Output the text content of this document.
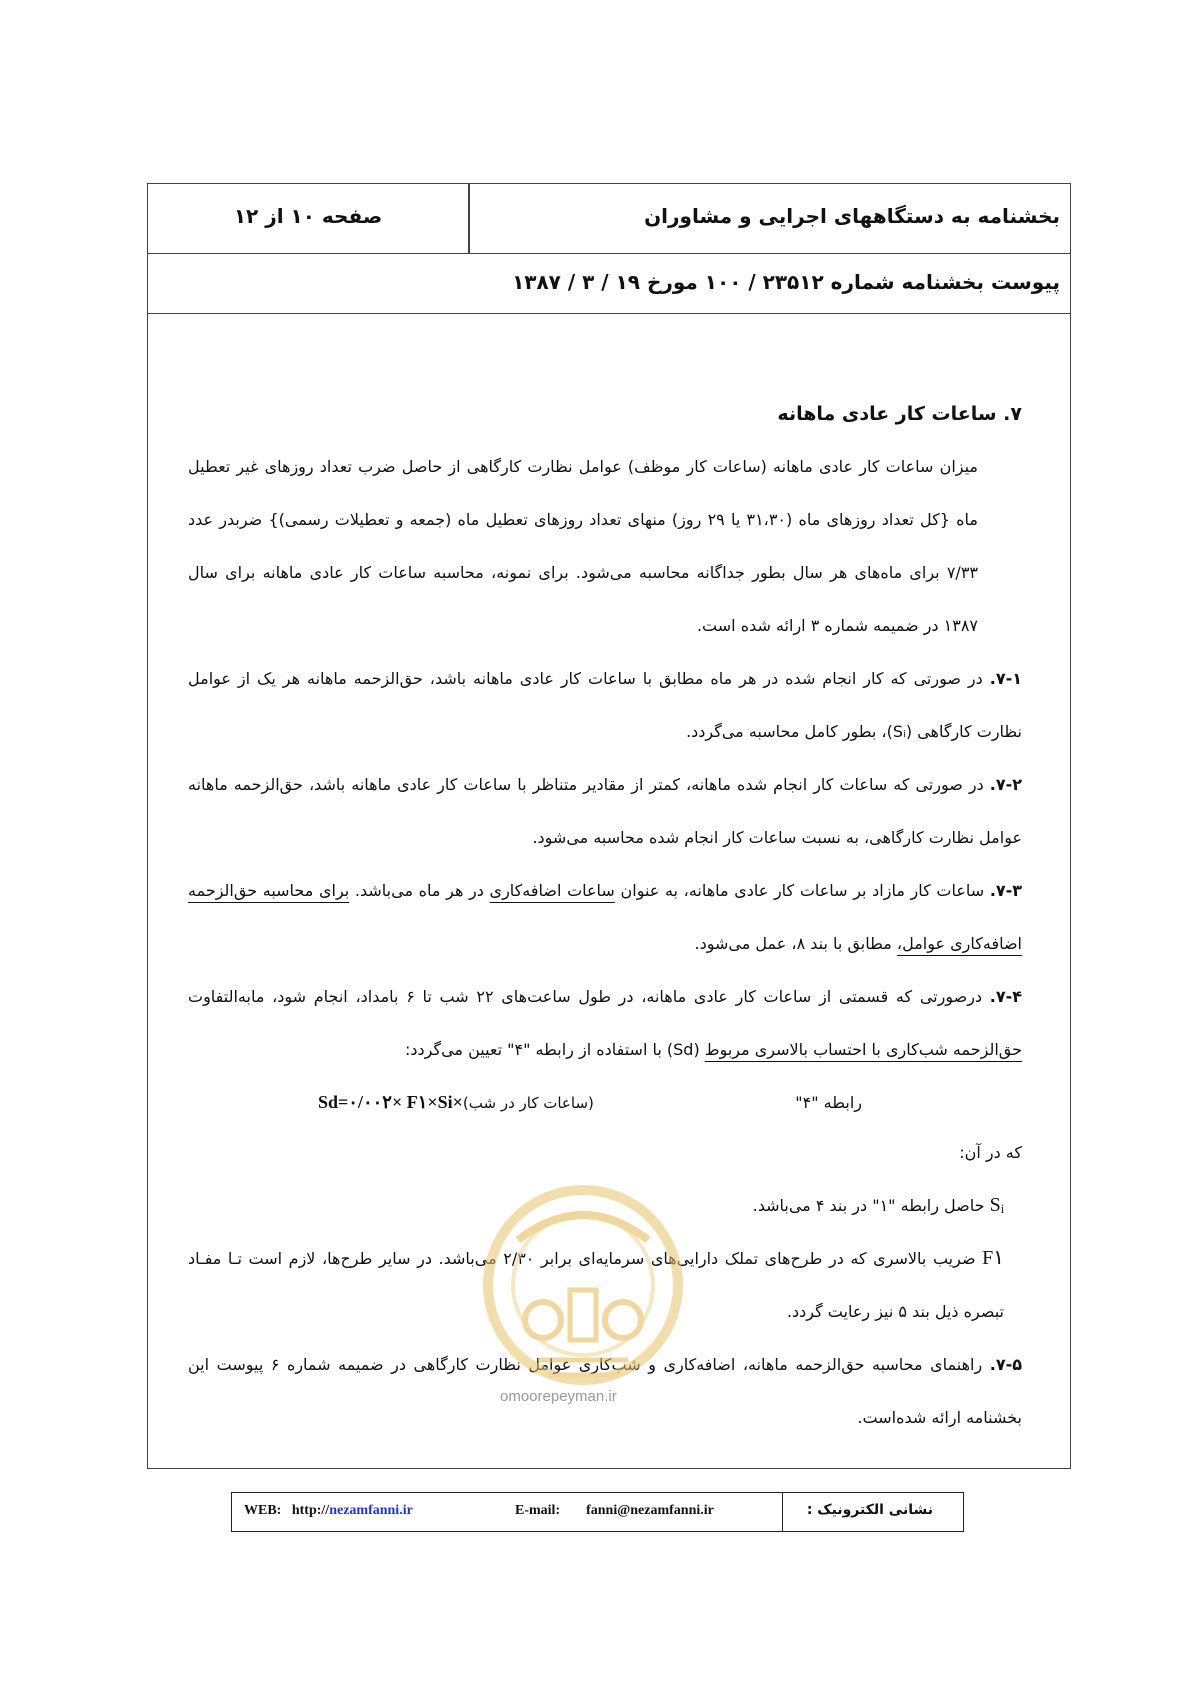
بخشنامه به دستگاههای اجرایی و مشاوران
صفحه ۱۰ از ۱۲
پیوست بخشنامه شماره ۲۳۵۱۲ / ۱۰۰ مورخ ۱۹ / ۳ / ۱۳۸۷
۷. ساعات کار عادی ماهانه

میزان ساعات کار عادی ماهانه (ساعات کار موظف) عوامل نظارت کارگاهی از حاصل ضرب تعداد روزهای غیر تعطیل ماه {کل تعداد روزهای ماه (۳۱،۳۰ یا ۲۹ روز) منهای تعداد روزهای تعطیل ماه (جمعه و تعطیلات رسمی)} ضربدر عدد ۷/۳۳ برای ماه‌های هر سال بطور جداگانه محاسبه می‌شود. برای نمونه، محاسبه ساعات کار عادی ماهانه برای سال ۱۳۸۷ در ضمیمه شماره ۳ ارائه شده است.

۷-۱. در صورتی که کار انجام شده در هر ماه مطابق با ساعات کار عادی ماهانه باشد، حق‌الزحمه ماهانه هر یک از عوامل نظارت کارگاهی (Sᵢ)، بطور کامل محاسبه می‌گردد.

۷-۲. در صورتی که ساعات کار انجام شده ماهانه، کمتر از مقادیر متناظر با ساعات کار عادی ماهانه باشد، حق‌الزحمه ماهانه عوامل نظارت کارگاهی، به نسبت ساعات کار انجام شده محاسبه می‌شود.

۷-۳. ساعات کار مازاد بر ساعات کار عادی ماهانه، به عنوان ساعات اضافه‌کاری در هر ماه می‌باشد. برای محاسبه حق‌الزحمه اضافه‌کاری عوامل، مطابق با بند ۸، عمل می‌شود.

۷-۴. درصورتی که قسمتی از ساعات کار عادی ماهانه، در طول ساعت‌های ۲۲ شب تا ۶ بامداد، انجام شود، مابه‌التفاوت حق‌الزحمه شب‌کاری با احتساب بالاسری مربوط (Sd) با استفاده از رابطه "۴" تعیین می‌گردد:

رابطه "۴"
Sd=۰/۰۰۲× F۱×Si×(ساعات کار در شب)

که در آن:

Sᵢ حاصل رابطه "۱" در بند ۴ می‌باشد.

F۱ ضریب بالاسری که در طرح‌های تملک دارایی‌های سرمایه‌ای برابر ۲/۳۰ می‌باشد. در سایر طرح‌ها، لازم است تـا مفـاد تبصره ذیل بند ۵ نیز رعایت گردد.

۷-۵. راهنمای محاسبه حق‌الزحمه ماهانه، اضافه‌کاری و شب‌کاری عوامل نظارت کارگاهی در ضمیمه شماره ۶ پیوست این بخشنامه ارائه شده‌است.

omoorepeyman.ir
نشانی الکترونیک :
WEB: http://nezamfanni.ir	E-mail: fanni@nezamfanni.ir
